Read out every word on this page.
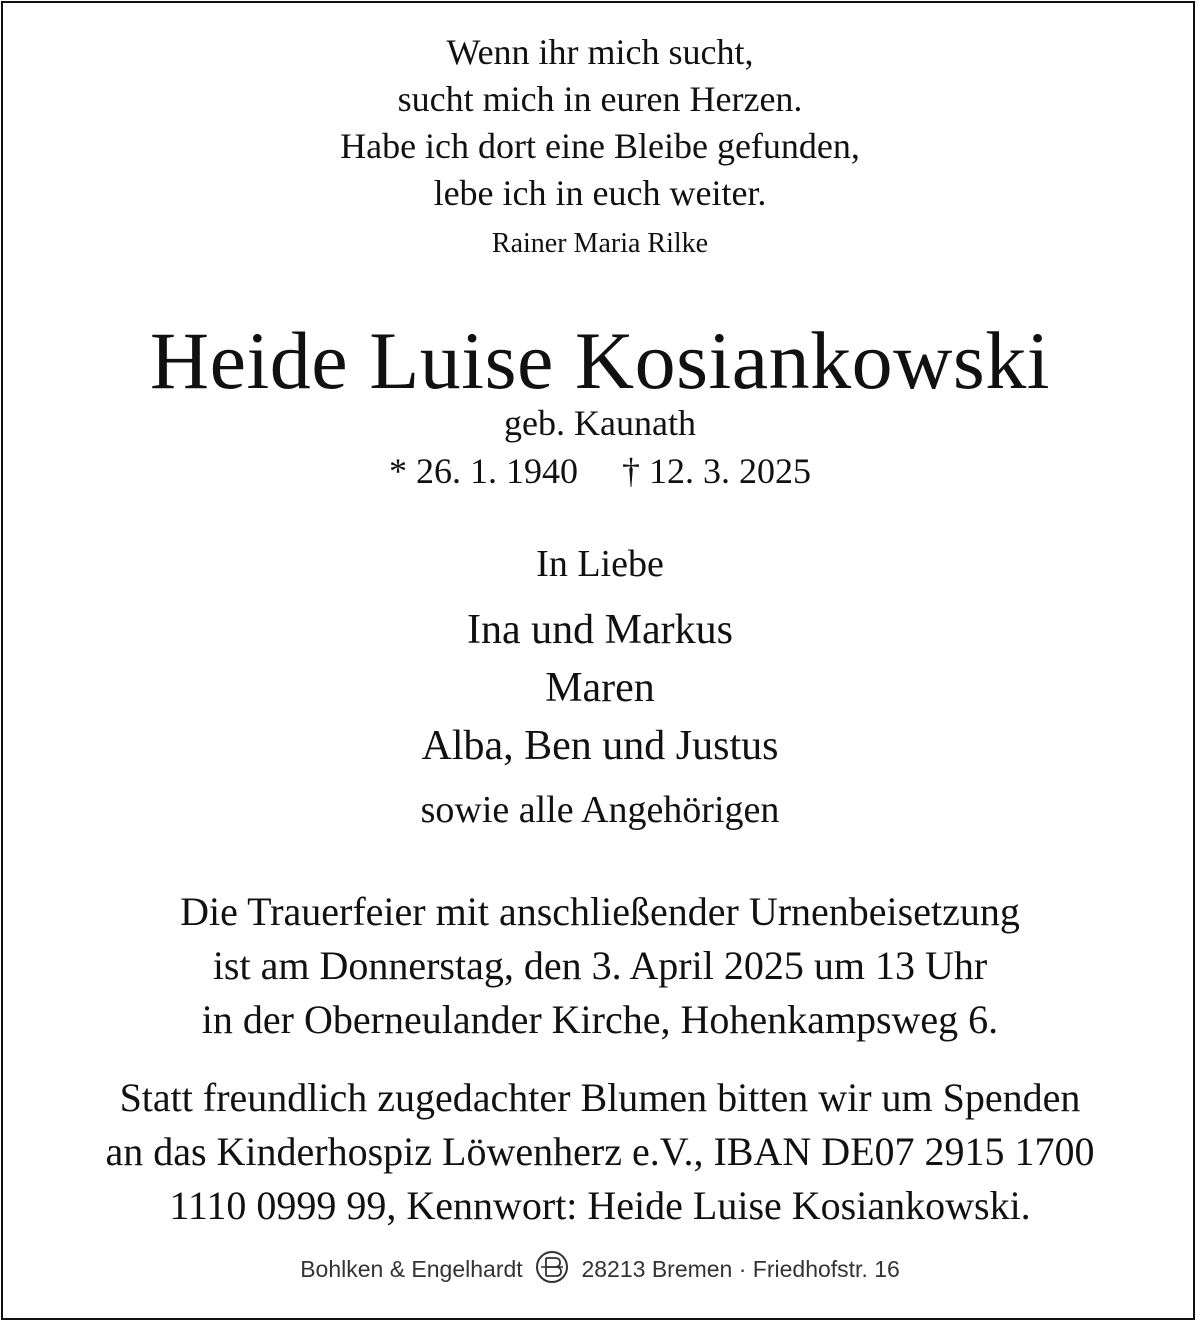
Wenn ihr mich sucht,
sucht mich in euren Herzen.
Habe ich dort eine Bleibe gefunden,
lebe ich in euch weiter.
Rainer Maria Rilke
Heide Luise Kosiankowski
geb. Kaunath
* 26. 1. 1940 † 12. 3. 2025
In Liebe
Ina und Markus
Maren
Alba, Ben und Justus
sowie alle Angehörigen
Die Trauerfeier mit anschließender Urnenbeisetzung
ist am Donnerstag, den 3. April 2025 um 13 Uhr
in der Oberneulander Kirche, Hohenkampsweg 6.
Statt freundlich zugedachter Blumen bitten wir um Spenden
an das Kinderhospiz Löwenherz e.V., IBAN DE07 2915 1700
1110 0999 99, Kennwort: Heide Luise Kosiankowski.
Bohlken & Engelhardt	28213 Bremen · Friedhofstr. 16
